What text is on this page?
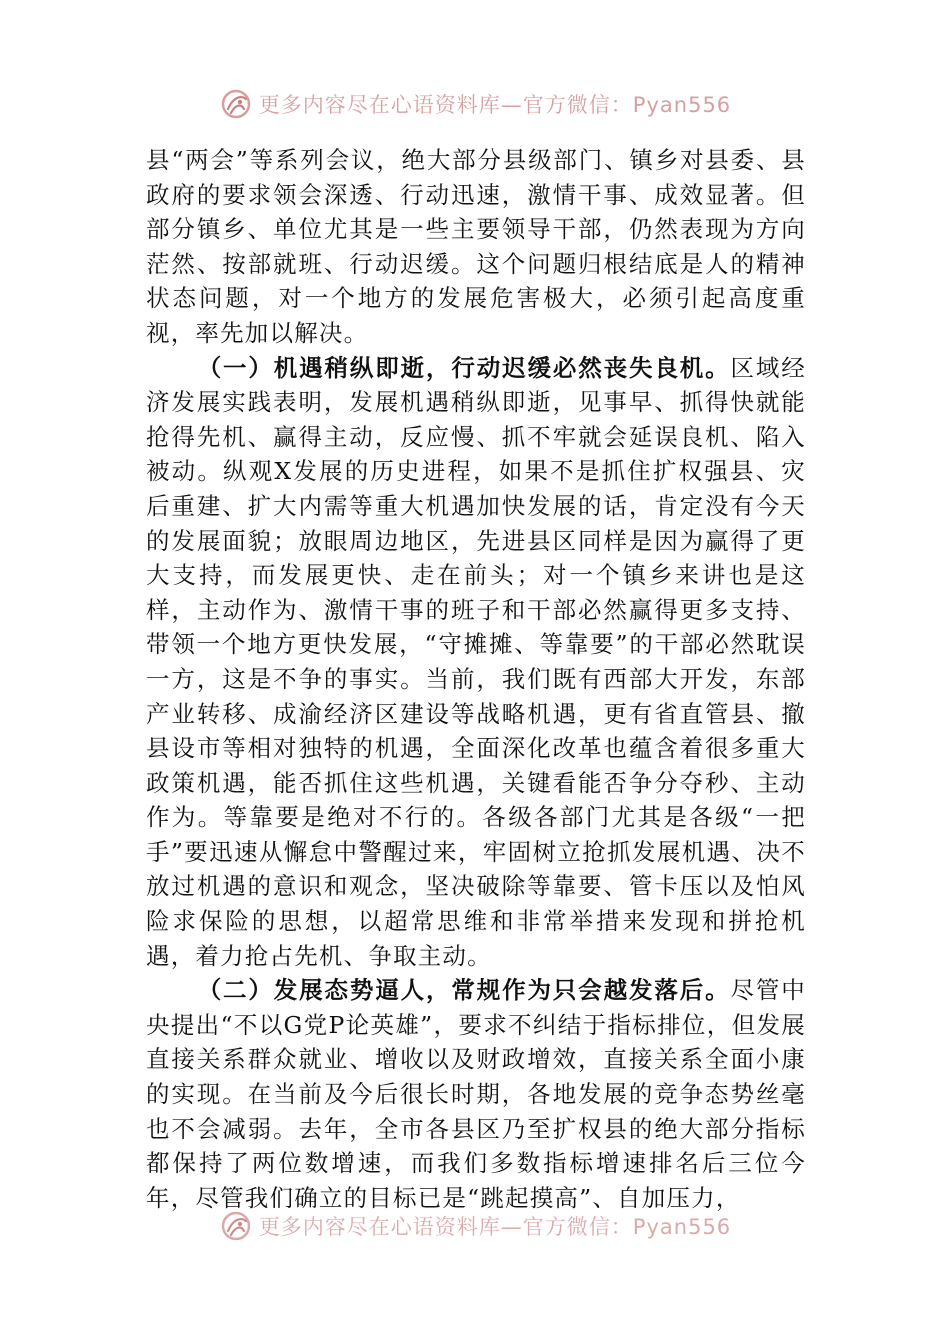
更多内容尽在心语资料库—官方微信：Pyan556

县“两会”等系列会议，绝大部分县级部门、镇乡对县委、县政府的要求领会深透、行动迅速，激情干事、成效显著。但部分镇乡、单位尤其是一些主要领导干部，仍然表现为方向茫然、按部就班、行动迟缓。这个问题归根结底是人的精神状态问题，对一个地方的发展危害极大，必须引起高度重视，率先加以解决。

（一）机遇稍纵即逝，行动迟缓必然丧失良机。区域经济发展实践表明，发展机遇稍纵即逝，见事早、抓得快就能抢得先机、赢得主动，反应慢、抓不牢就会延误良机、陷入被动。纵观X发展的历史进程，如果不是抓住扩权强县、灾后重建、扩大内需等重大机遇加快发展的话，肯定没有今天的发展面貌；放眼周边地区，先进县区同样是因为赢得了更大支持，而发展更快、走在前头；对一个镇乡来讲也是这样，主动作为、激情干事的班子和干部必然赢得更多支持、带领一个地方更快发展，“守摊摊、等靠要”的干部必然耽误一方，这是不争的事实。当前，我们既有西部大开发，东部产业转移、成渝经济区建设等战略机遇，更有省直管县、撤县设市等相对独特的机遇，全面深化改革也蕴含着很多重大政策机遇，能否抓住这些机遇，关键看能否争分夺秒、主动作为。等靠要是绝对不行的。各级各部门尤其是各级“一把手”要迅速从懈怠中警醒过来，牢固树立抢抓发展机遇、决不放过机遇的意识和观念，坚决破除等靠要、管卡压以及怕风险求保险的思想，以超常思维和非常举措来发现和拼抢机遇，着力抢占先机、争取主动。

（二）发展态势逼人，常规作为只会越发落后。尽管中央提出“不以G党P论英雄”，要求不纠结于指标排位，但发展直接关系群众就业、增收以及财政增效，直接关系全面小康的实现。在当前及今后很长时期，各地发展的竞争态势丝毫也不会减弱。去年，全市各县区乃至扩权县的绝大部分指标都保持了两位数增速，而我们多数指标增速排名后三位今年，尽管我们确立的目标已是“跳起摸高”、自加压力，

更多内容尽在心语资料库—官方微信：Pyan556
